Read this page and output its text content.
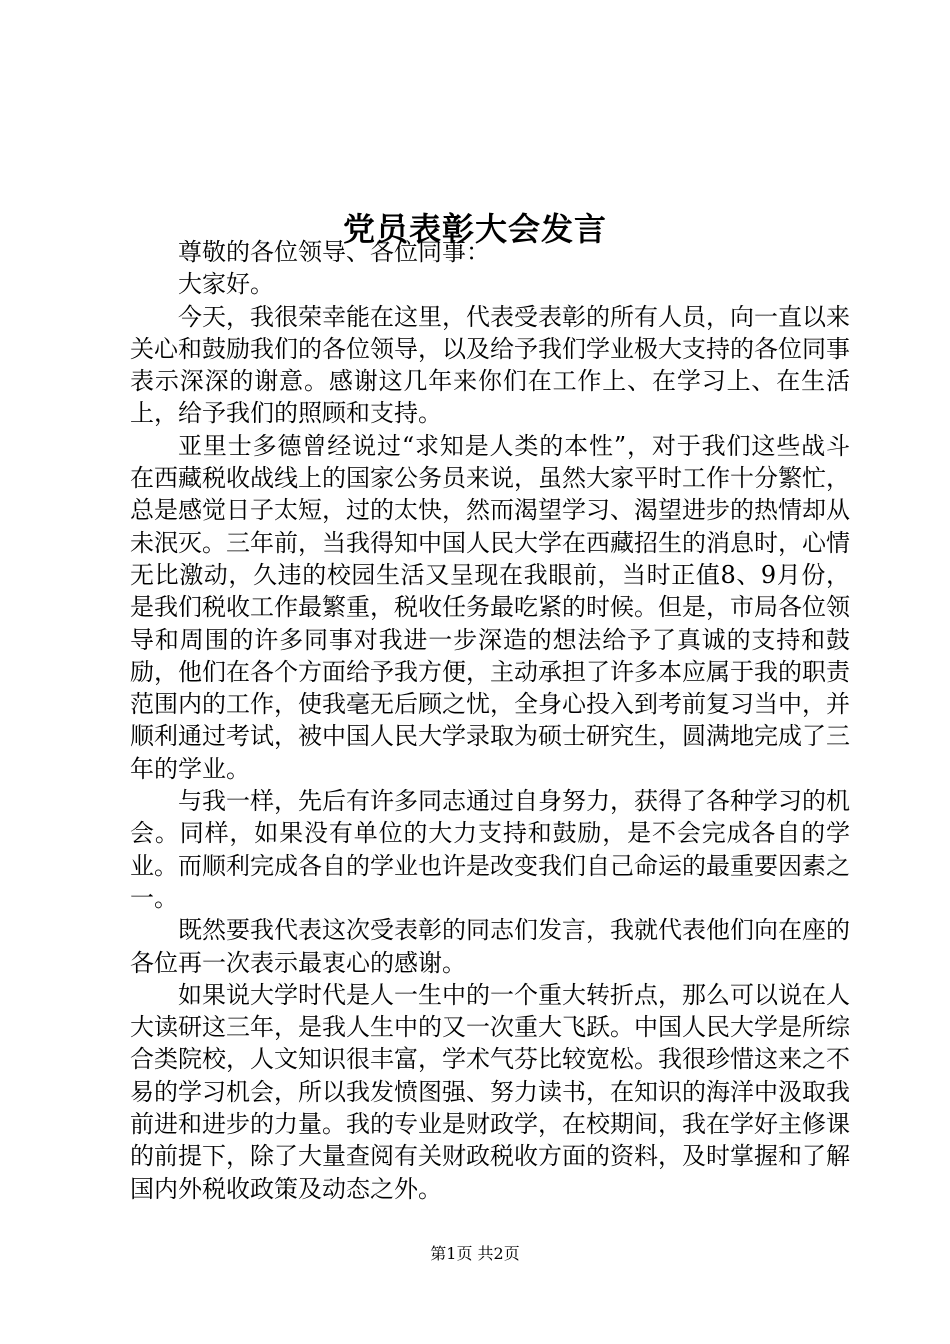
党员表彰大会发言

尊敬的各位领导、各位同事：

大家好。

今天，我很荣幸能在这里，代表受表彰的所有人员，向一直以来关心和鼓励我们的各位领导，以及给予我们学业极大支持的各位同事表示深深的谢意。感谢这几年来你们在工作上、在学习上、在生活上，给予我们的照顾和支持。

亚里士多德曾经说过“求知是人类的本性”，对于我们这些战斗在西藏税收战线上的国家公务员来说，虽然大家平时工作十分繁忙，总是感觉日子太短，过的太快，然而渴望学习、渴望进步的热情却从未泯灭。三年前，当我得知中国人民大学在西藏招生的消息时，心情无比激动，久违的校园生活又呈现在我眼前，当时正值8、9月份，是我们税收工作最繁重，税收任务最吃紧的时候。但是，市局各位领导和周围的许多同事对我进一步深造的想法给予了真诚的支持和鼓励，他们在各个方面给予我方便，主动承担了许多本应属于我的职责范围内的工作，使我毫无后顾之忧，全身心投入到考前复习当中，并顺利通过考试，被中国人民大学录取为硕士研究生，圆满地完成了三年的学业。

与我一样，先后有许多同志通过自身努力，获得了各种学习的机会。同样，如果没有单位的大力支持和鼓励，是不会完成各自的学业。而顺利完成各自的学业也许是改变我们自己命运的最重要因素之一。

既然要我代表这次受表彰的同志们发言，我就代表他们向在座的各位再一次表示最衷心的感谢。

如果说大学时代是人一生中的一个重大转折点，那么可以说在人大读研这三年，是我人生中的又一次重大飞跃。中国人民大学是所综合类院校，人文知识很丰富，学术气芬比较宽松。我很珍惜这来之不易的学习机会，所以我发愤图强、努力读书，在知识的海洋中汲取我前进和进步的力量。我的专业是财政学，在校期间，我在学好主修课的前提下，除了大量查阅有关财政税收方面的资料，及时掌握和了解国内外税收政策及动态之外。

第1页 共2页
